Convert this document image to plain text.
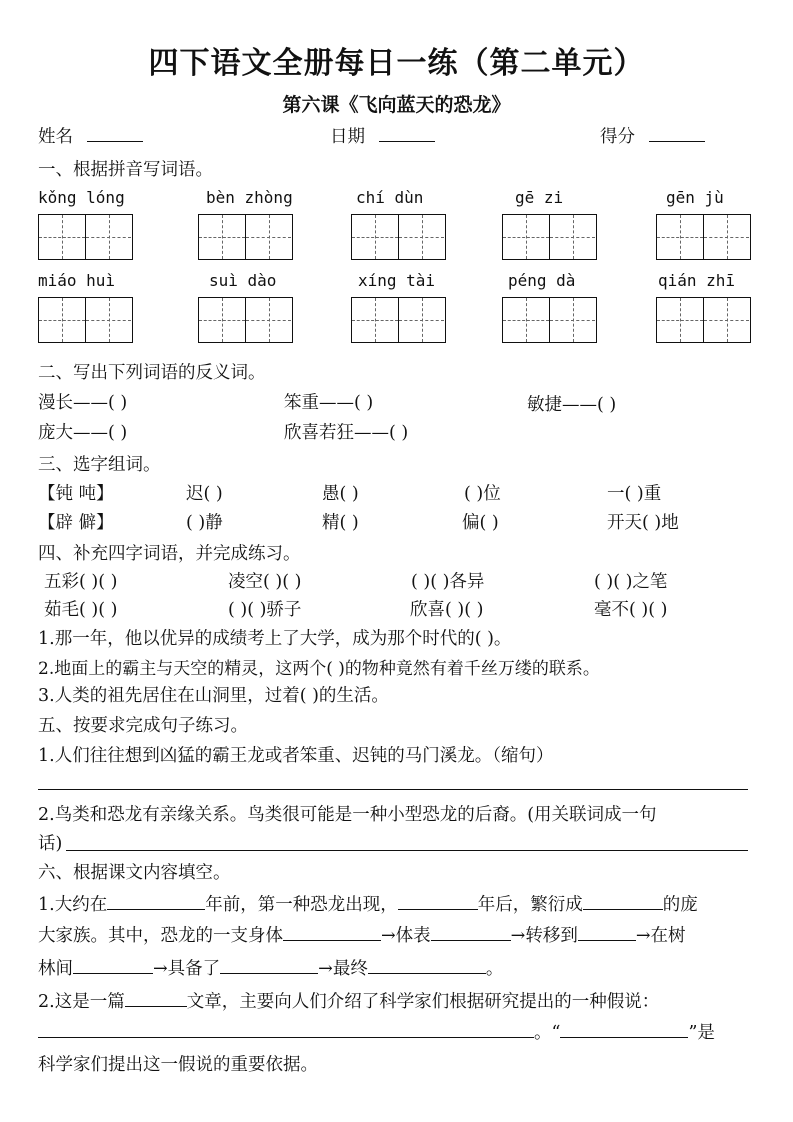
四下语文全册每日一练（第二单元）
第六课《飞向蓝天的恐龙》
姓名	日期	得分
一、根据拼音写词语。
kǒng lóng	bèn zhòng	chí dùn	gē zi	gēn jù
miáo huì	suì dào	xíng tài	péng dà	qián zhī
二、写出下列词语的反义词。
漫长——( )	笨重——( )	敏捷——( )
庞大——( )	欣喜若狂——( )
三、选字组词。
【钝 吨】	迟( )	愚( )	( )位	一( )重
【辟 僻】	( )静	精( )	偏( )	开天( )地
四、补充四字词语，并完成练习。
五彩( )( )	凌空( )( )	( )( )各异	( )( )之笔
茹毛( )( )	( )( )骄子	欣喜( )( )	毫不( )( )
1.那一年，他以优异的成绩考上了大学，成为那个时代的( )。
2.地面上的霸主与天空的精灵，这两个( )的物种竟然有着千丝万缕的联系。
3.人类的祖先居住在山洞里，过着( )的生活。
五、按要求完成句子练习。
1.人们往往想到凶猛的霸王龙或者笨重、迟钝的马门溪龙。（缩句）
2.鸟类和恐龙有亲缘关系。鸟类很可能是一种小型恐龙的后裔。(用关联词成一句
话)
六、根据课文内容填空。
1.大约在	年前，第一种恐龙出现，	年后，繁衍成	的庞
大家族。其中，恐龙的一支身体	→体表	→转移到	→在树
林间	→具备了	→最终	。
2.这是一篇	文章，主要向人们介绍了科学家们根据研究提出的一种假说：
。“	”是
科学家们提出这一假说的重要依据。
